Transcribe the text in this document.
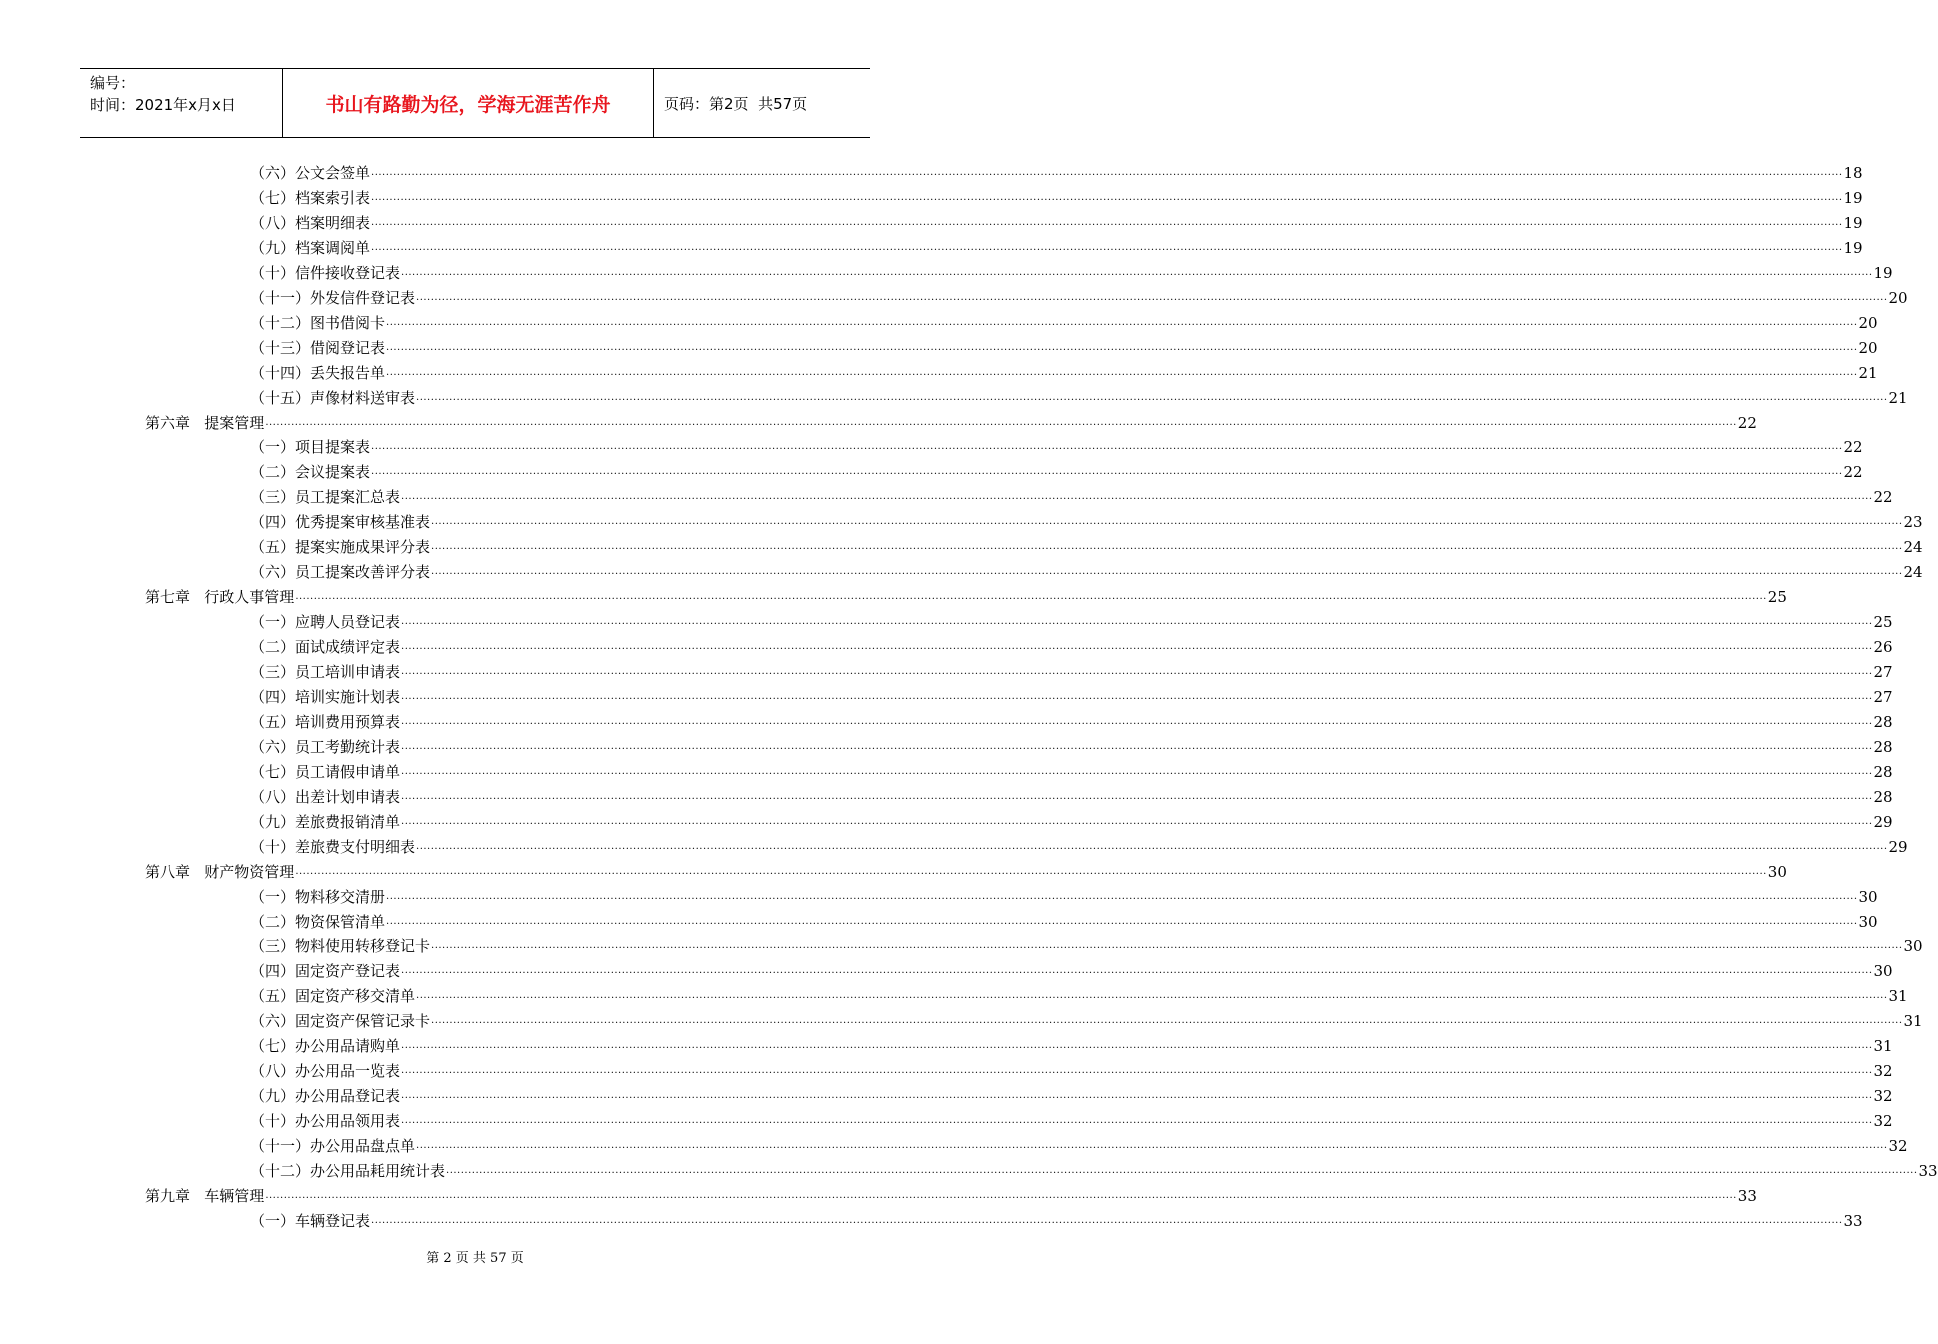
编号：
时间：2021年x月x日	书山有路勤为径，学海无涯苦作舟	页码：第2页  共57页
（六）公文会签单 ................................................................................................................................................................................................................................................................................................................................................................................................................ 18
（七）档案索引表 ................................................................................................................................................................................................................................................................................................................................................................................................................ 19
（八）档案明细表 ................................................................................................................................................................................................................................................................................................................................................................................................................ 19
（九）档案调阅单 ................................................................................................................................................................................................................................................................................................................................................................................................................ 19
（十）信件接收登记表 ................................................................................................................................................................................................................................................................................................................................................................................................................ 19
（十一）外发信件登记表 ................................................................................................................................................................................................................................................................................................................................................................................................................ 20
（十二）图书借阅卡 ................................................................................................................................................................................................................................................................................................................................................................................................................ 20
（十三）借阅登记表 ................................................................................................................................................................................................................................................................................................................................................................................................................ 20
（十四）丢失报告单 ................................................................................................................................................................................................................................................................................................................................................................................................................ 21
（十五）声像材料送审表 ................................................................................................................................................................................................................................................................................................................................................................................................................ 21
第六章   提案管理 ................................................................................................................................................................................................................................................................................................................................................................................................................ 22
（一）项目提案表 ................................................................................................................................................................................................................................................................................................................................................................................................................ 22
（二）会议提案表 ................................................................................................................................................................................................................................................................................................................................................................................................................ 22
（三）员工提案汇总表 ................................................................................................................................................................................................................................................................................................................................................................................................................ 22
（四）优秀提案审核基准表 ................................................................................................................................................................................................................................................................................................................................................................................................................ 23
（五）提案实施成果评分表 ................................................................................................................................................................................................................................................................................................................................................................................................................ 24
（六）员工提案改善评分表 ................................................................................................................................................................................................................................................................................................................................................................................................................ 24
第七章   行政人事管理 ................................................................................................................................................................................................................................................................................................................................................................................................................ 25
（一）应聘人员登记表 ................................................................................................................................................................................................................................................................................................................................................................................................................ 25
（二）面试成绩评定表 ................................................................................................................................................................................................................................................................................................................................................................................................................ 26
（三）员工培训申请表 ................................................................................................................................................................................................................................................................................................................................................................................................................ 27
（四）培训实施计划表 ................................................................................................................................................................................................................................................................................................................................................................................................................ 27
（五）培训费用预算表 ................................................................................................................................................................................................................................................................................................................................................................................................................ 28
（六）员工考勤统计表 ................................................................................................................................................................................................................................................................................................................................................................................................................ 28
（七）员工请假申请单 ................................................................................................................................................................................................................................................................................................................................................................................................................ 28
（八）出差计划申请表 ................................................................................................................................................................................................................................................................................................................................................................................................................ 28
（九）差旅费报销清单 ................................................................................................................................................................................................................................................................................................................................................................................................................ 29
（十）差旅费支付明细表 ................................................................................................................................................................................................................................................................................................................................................................................................................ 29
第八章   财产物资管理 ................................................................................................................................................................................................................................................................................................................................................................................................................ 30
（一）物料移交清册 ................................................................................................................................................................................................................................................................................................................................................................................................................ 30
（二）物资保管清单 ................................................................................................................................................................................................................................................................................................................................................................................................................ 30
（三）物料使用转移登记卡 ................................................................................................................................................................................................................................................................................................................................................................................................................ 30
（四）固定资产登记表 ................................................................................................................................................................................................................................................................................................................................................................................................................ 30
（五）固定资产移交清单 ................................................................................................................................................................................................................................................................................................................................................................................................................ 31
（六）固定资产保管记录卡 ................................................................................................................................................................................................................................................................................................................................................................................................................ 31
（七）办公用品请购单 ................................................................................................................................................................................................................................................................................................................................................................................................................ 31
（八）办公用品一览表 ................................................................................................................................................................................................................................................................................................................................................................................................................ 32
（九）办公用品登记表 ................................................................................................................................................................................................................................................................................................................................................................................................................ 32
（十）办公用品领用表 ................................................................................................................................................................................................................................................................................................................................................................................................................ 32
（十一）办公用品盘点单 ................................................................................................................................................................................................................................................................................................................................................................................................................ 32
（十二）办公用品耗用统计表 ................................................................................................................................................................................................................................................................................................................................................................................................................ 33
第九章   车辆管理 ................................................................................................................................................................................................................................................................................................................................................................................................................ 33
（一）车辆登记表 ................................................................................................................................................................................................................................................................................................................................................................................................................ 33
第 2 页 共 57 页
